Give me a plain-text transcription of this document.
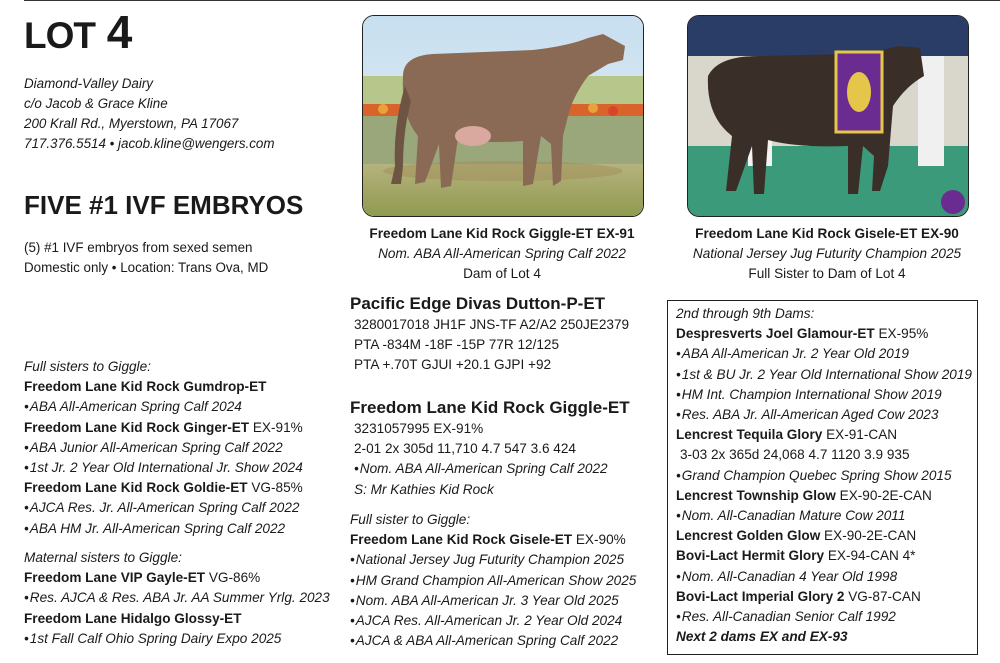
LOT 4
Diamond-Valley Dairy
c/o Jacob & Grace Kline
200 Krall Rd., Myerstown, PA 17067
717.376.5514 • jacob.kline@wengers.com
FIVE #1 IVF EMBRYOS
(5) #1 IVF embryos from sexed semen
Domestic only • Location: Trans Ova, MD
Freedom Lane Kid Rock Giggle-ET EX-91
Nom. ABA All-American Spring Calf 2022
Dam of Lot 4
Freedom Lane Kid Rock Gisele-ET EX-90
National Jersey Jug Futurity Champion 2025
Full Sister to Dam of Lot 4
Pacific Edge Divas Dutton-P-ET
3280017018 JH1F JNS-TF A2/A2 250JE2379
PTA -834M -18F -15P 77R 12/125
PTA +.70T GJUI +20.1 GJPI +92
Freedom Lane Kid Rock Giggle-ET
3231057995 EX-91%
2-01 2x 305d 11,710 4.7 547 3.6 424
• Nom. ABA All-American Spring Calf 2022
S: Mr Kathies Kid Rock
Full sister to Giggle:
Freedom Lane Kid Rock Gisele-ET EX-90%
• National Jersey Jug Futurity Champion 2025
• HM Grand Champion All-American Show 2025
• Nom. ABA All-American Jr. 3 Year Old 2025
• AJCA Res. All-American Jr. 2 Year Old 2024
• AJCA & ABA All-American Spring Calf 2022
Full sisters to Giggle:
Freedom Lane Kid Rock Gumdrop-ET
• ABA All-American Spring Calf 2024
Freedom Lane Kid Rock Ginger-ET EX-91%
• ABA Junior All-American Spring Calf 2022
• 1st Jr. 2 Year Old International Jr. Show 2024
Freedom Lane Kid Rock Goldie-ET VG-85%
• AJCA Res. Jr. All-American Spring Calf 2022
• ABA HM Jr. All-American Spring Calf 2022
Maternal sisters to Giggle:
Freedom Lane VIP Gayle-ET VG-86%
• Res. AJCA & Res. ABA Jr. AA Summer Yrlg. 2023
Freedom Lane Hidalgo Glossy-ET
• 1st Fall Calf Ohio Spring Dairy Expo 2025
2nd through 9th Dams:
Despresverts Joel Glamour-ET EX-95%
• ABA All-American Jr. 2 Year Old 2019
• 1st & BU Jr. 2 Year Old International Show 2019
• HM Int. Champion International Show 2019
• Res. ABA Jr. All-American Aged Cow 2023
Lencrest Tequila Glory EX-91-CAN
3-03 2x 365d 24,068 4.7 1120 3.9 935
• Grand Champion Quebec Spring Show 2015
Lencrest Township Glow EX-90-2E-CAN
• Nom. All-Canadian Mature Cow 2011
Lencrest Golden Glow EX-90-2E-CAN
Bovi-Lact Hermit Glory EX-94-CAN 4*
• Nom. All-Canadian 4 Year Old 1998
Bovi-Lact Imperial Glory 2 VG-87-CAN
• Res. All-Canadian Senior Calf 1992
Next 2 dams EX and EX-93
